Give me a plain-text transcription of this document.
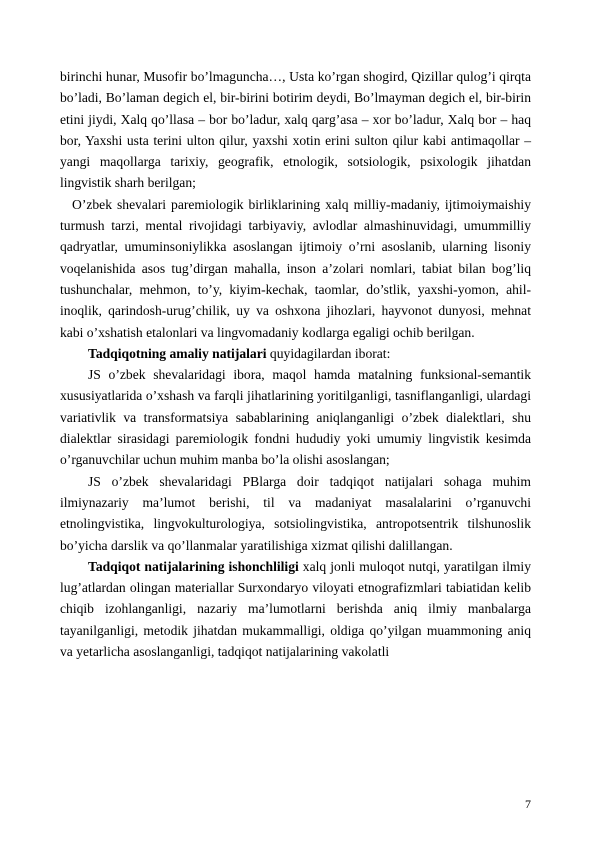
birinchi hunar, Musofir bo’lmaguncha…, Usta ko’rgan shogird, Qizillar qulog’i qirqta bo’ladi, Bo’laman degich el, bir-birini botirim deydi, Bo’lmayman degich el, bir-birin etini jiydi, Xalq qo’llasa – bor bo’ladur, xalq qarg’asa – xor bo’ladur, Xalq bor – haq bor, Yaxshi usta terini ulton qilur, yaxshi xotin erini sulton qilur kabi antimaqollar – yangi maqollarga tarixiy, geografik, etnologik, sotsiologik, psixologik jihatdan lingvistik sharh berilgan;

O’zbek shevalari paremiologik birliklarining xalq milliy-madaniy, ijtimoiymaishiy turmush tarzi, mental rivojidagi tarbiyaviy, avlodlar almashinuvidagi, umummilliy qadryatlar, umuminsoniylikka asoslangan ijtimoiy o’rni asoslanib, ularning lisoniy voqelanishida asos tug’dirgan mahalla, inson a’zolari nomlari, tabiat bilan bog’liq tushunchalar, mehmon, to’y, kiyim-kechak, taomlar, do’stlik, yaxshi-yomon, ahil-inoqlik, qarindosh-urug’chilik, uy va oshxona jihozlari, hayvonot dunyosi, mehnat kabi o’xshatish etalonlari va lingvomadaniy kodlarga egaligi ochib berilgan.

Tadqiqotning amaliy natijalari quyidagilardan iborat:

JS o’zbek shevalaridagi ibora, maqol hamda matalning funksional-semantik xususiyatlarida o’xshash va farqli jihatlarining yoritilganligi, tasniflanganligi, ulardagi variativlik va transformatsiya sabablarining aniqlanganligi o’zbek dialektlari, shu dialektlar sirasidagi paremiologik fondni hududiy yoki umumiy lingvistik kesimda o’rganuvchilar uchun muhim manba bo’la olishi asoslangan;

JS o’zbek shevalaridagi PBlarga doir tadqiqot natijalari sohaga muhim ilmiynazariy ma’lumot berishi, til va madaniyat masalalarini o’rganuvchi etnolingvistika, lingvokulturologiya, sotsiolingvistika, antropotsentrik tilshunoslik bo’yicha darslik va qo’llanmalar yaratilishiga xizmat qilishi dalillangan.

Tadqiqot natijalarining ishonchliligi xalq jonli muloqot nutqi, yaratilgan ilmiy lug’atlardan olingan materiallar Surxondaryo viloyati etnografizmlari tabiatidan kelib chiqib izohlanganligi, nazariy ma’lumotlarni berishda aniq ilmiy manbalarga tayanilganligi, metodik jihatdan mukammalligi, oldiga qo’yilgan muammoning aniq va yetarlicha asoslanganligi, tadqiqot natijalarining vakolatli

7
